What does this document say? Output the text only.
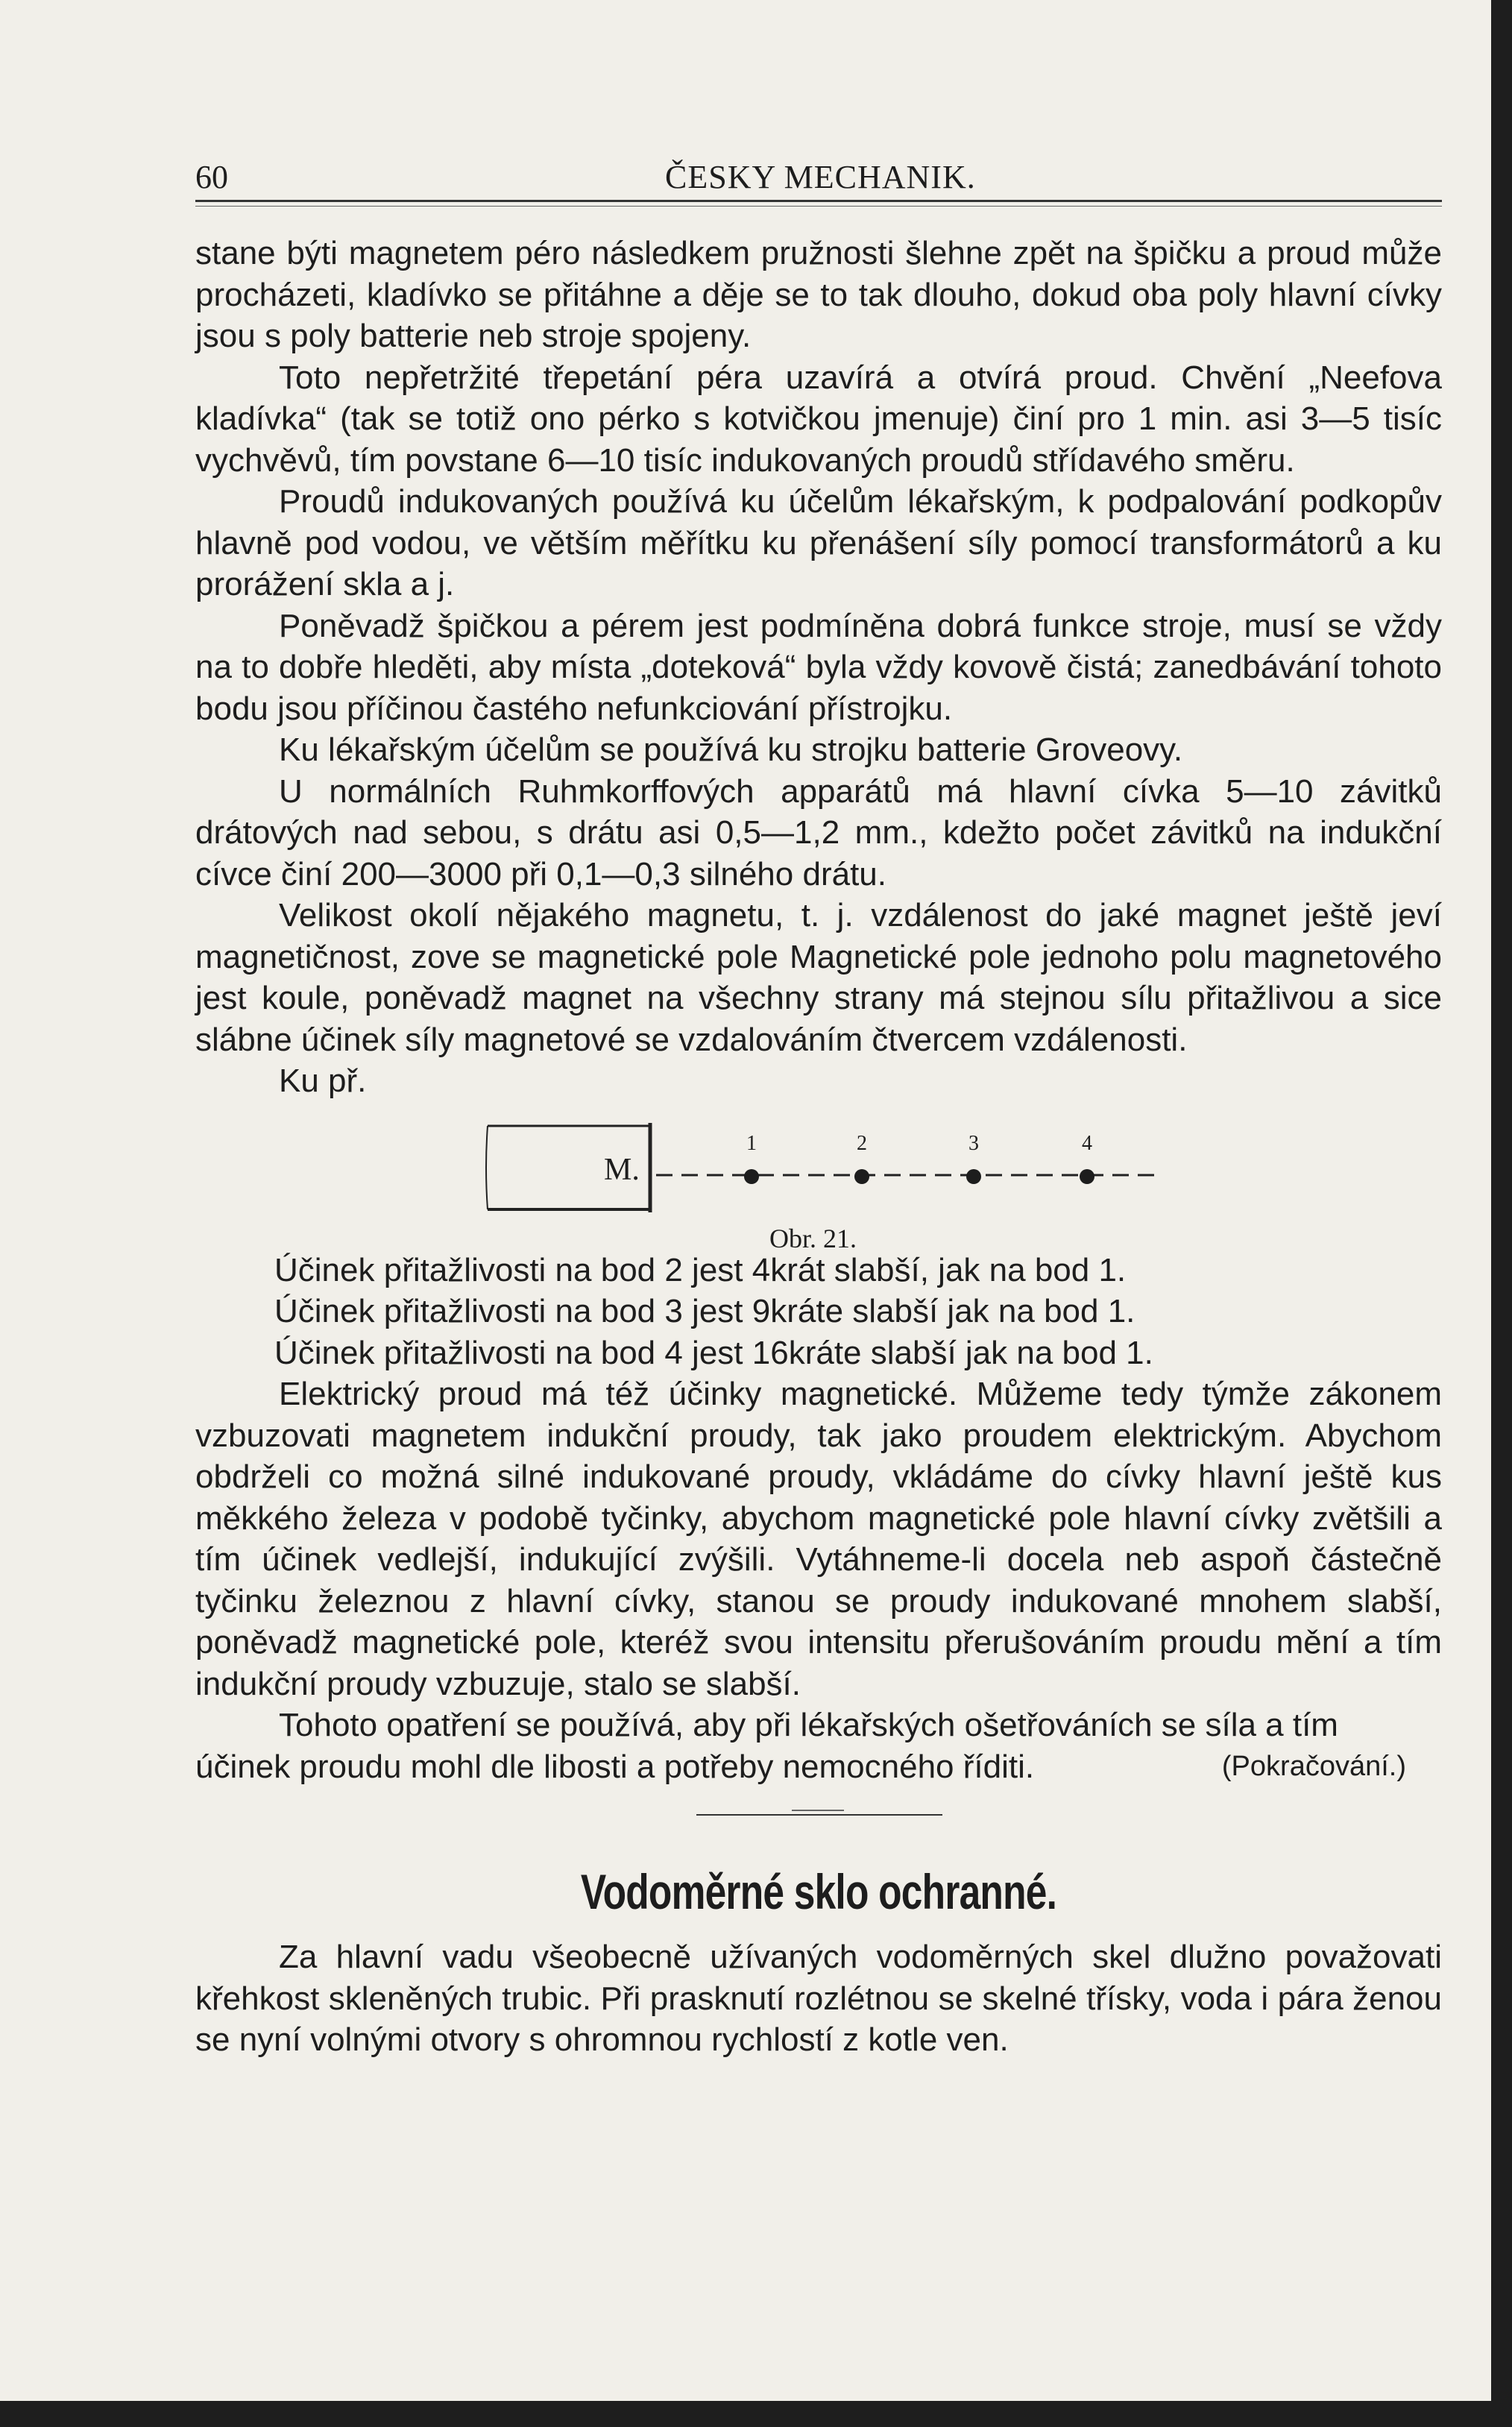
60	ČESKY MECHANIK.

stane býti magnetem péro následkem pružnosti šlehne zpět na špičku a proud může procházeti, kladívko se přitáhne a děje se to tak dlouho, dokud oba poly hlavní cívky jsou s poly batterie neb stroje spojeny.

Toto nepřetržité třepetání péra uzavírá a otvírá proud. Chvění „Neefova kladívka“ (tak se totiž ono pérko s kotvičkou jmenuje) činí pro 1 min. asi 3—5 tisíc vychvěvů, tím povstane 6—10 tisíc indukovaných proudů střídavého směru.

Proudů indukovaných používá ku účelům lékařským, k podpalování podkopův hlavně pod vodou, ve větším měřítku ku přenášení síly pomocí transformátorů a ku prorážení skla a j.

Poněvadž špičkou a pérem jest podmíněna dobrá funkce stroje, musí se vždy na to dobře hleděti, aby místa „doteková“ byla vždy kovově čistá; zanedbávání tohoto bodu jsou příčinou častého nefunkciování přístrojku.

Ku lékařským účelům se používá ku strojku batterie Groveovy.

U normálních Ruhmkorffových apparátů má hlavní cívka 5—10 závitků drátových nad sebou, s drátu asi 0,5—1,2 mm., kdežto počet závitků na indukční cívce činí 200—3000 při 0,1—0,3 silného drátu.

Velikost okolí nějakého magnetu, t. j. vzdálenost do jaké magnet ještě jeví magnetičnost, zove se magnetické pole Magnetické pole jednoho polu magnetového jest koule, poněvadž magnet na všechny strany má stejnou sílu přitažlivou a sice slábne účinek síly magnetové se vzdalováním čtvercem vzdálenosti.

Ku př.

M.
1	2	3	4
Obr. 21.

Účinek přitažlivosti na bod 2 jest 4krát slabší, jak na bod 1.

Účinek přitažlivosti na bod 3 jest 9kráte slabší jak na bod 1.

Účinek přitažlivosti na bod 4 jest 16kráte slabší jak na bod 1.

Elektrický proud má též účinky magnetické. Můžeme tedy týmže zákonem vzbuzovati magnetem indukční proudy, tak jako proudem elektrickým. Abychom obdrželi co možná silné indukované proudy, vkládáme do cívky hlavní ještě kus měkkého železa v podobě tyčinky, abychom magnetické pole hlavní cívky zvětšili a tím účinek vedlejší, indukující zvýšili. Vytáhneme-li docela neb aspoň částečně tyčinku železnou z hlavní cívky, stanou se proudy indukované mnohem slabší, poněvadž magnetické pole, kteréž svou intensitu přerušováním proudu mění a tím indukční proudy vzbuzuje, stalo se slabší.

Tohoto opatření se používá, aby při lékařských ošetřováních se síla a tím

účinek proudu mohl dle libosti a potřeby nemocného říditi.	(Pokračování.)
Vodoměrné sklo ochranné.

Za hlavní vadu všeobecně užívaných vodoměrných skel dlužno považovati křehkost skleněných trubic. Při prasknutí rozlétnou se skelné třísky, voda i pára ženou se nyní volnými otvory s ohromnou rychlostí z kotle ven.
